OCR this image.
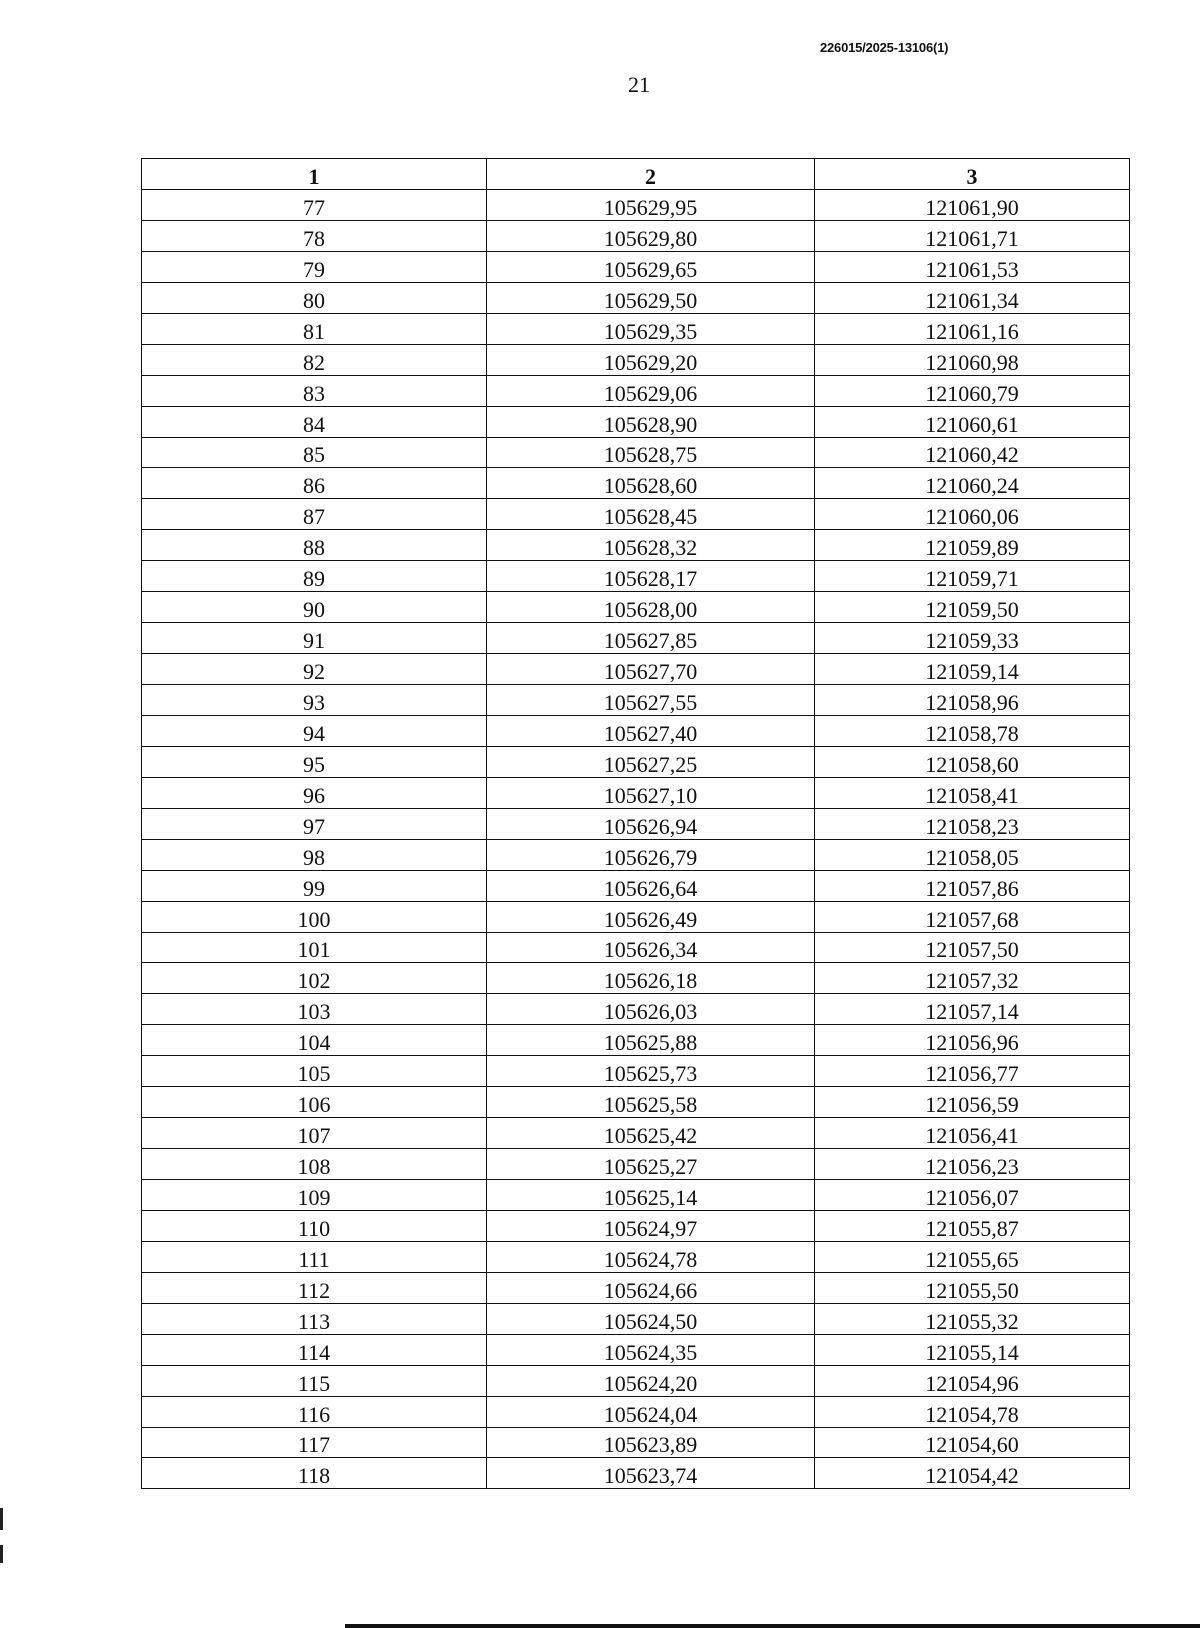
226015/2025-13106(1)
21
1	2	3
77	105629,95	121061,90
78	105629,80	121061,71
79	105629,65	121061,53
80	105629,50	121061,34
81	105629,35	121061,16
82	105629,20	121060,98
83	105629,06	121060,79
84	105628,90	121060,61
85	105628,75	121060,42
86	105628,60	121060,24
87	105628,45	121060,06
88	105628,32	121059,89
89	105628,17	121059,71
90	105628,00	121059,50
91	105627,85	121059,33
92	105627,70	121059,14
93	105627,55	121058,96
94	105627,40	121058,78
95	105627,25	121058,60
96	105627,10	121058,41
97	105626,94	121058,23
98	105626,79	121058,05
99	105626,64	121057,86
100	105626,49	121057,68
101	105626,34	121057,50
102	105626,18	121057,32
103	105626,03	121057,14
104	105625,88	121056,96
105	105625,73	121056,77
106	105625,58	121056,59
107	105625,42	121056,41
108	105625,27	121056,23
109	105625,14	121056,07
110	105624,97	121055,87
111	105624,78	121055,65
112	105624,66	121055,50
113	105624,50	121055,32
114	105624,35	121055,14
115	105624,20	121054,96
116	105624,04	121054,78
117	105623,89	121054,60
118	105623,74	121054,42
